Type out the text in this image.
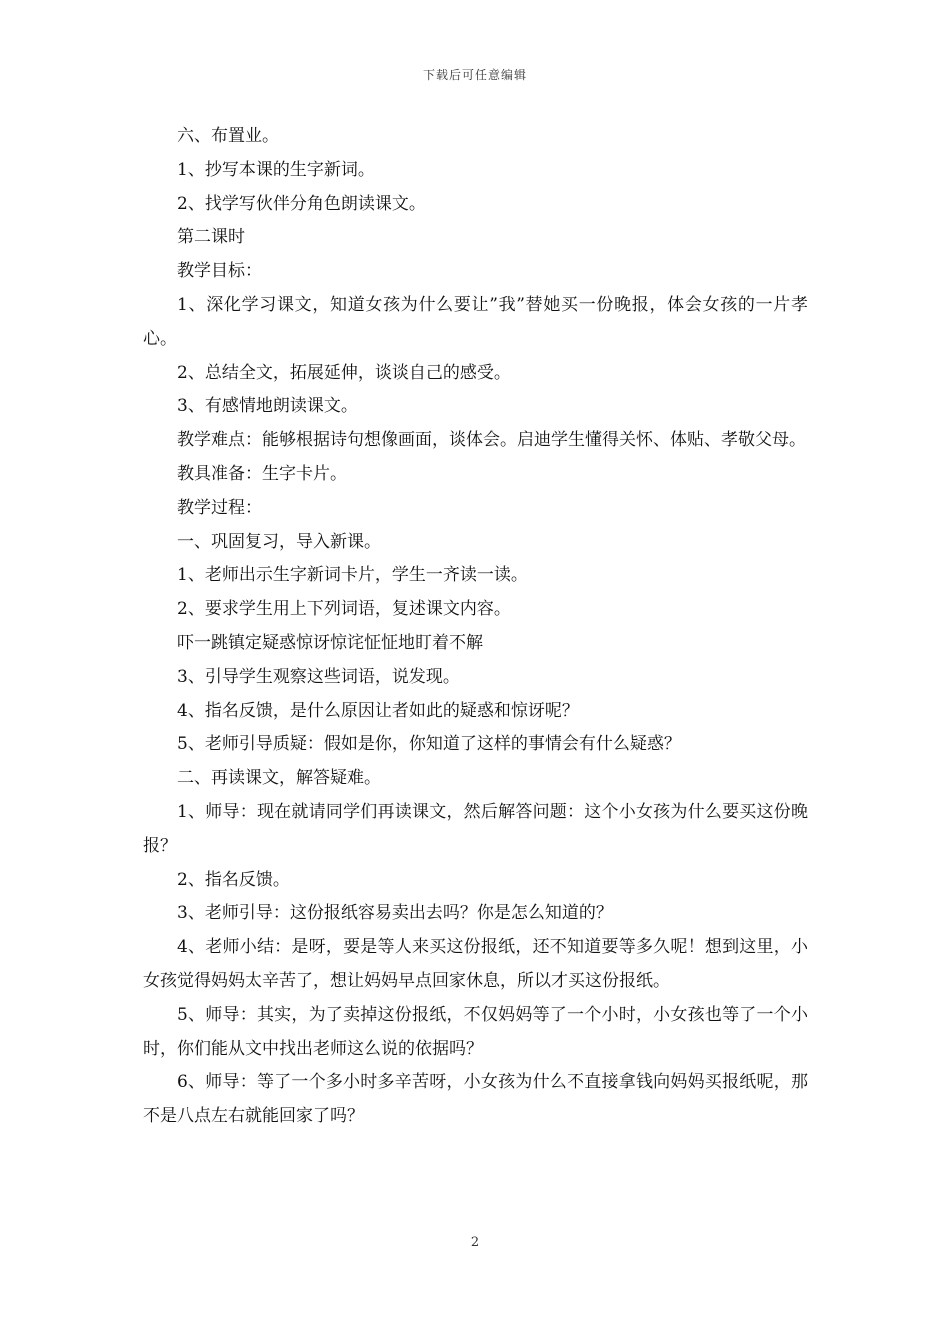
下载后可任意编辑

六、布置业。

1、抄写本课的生字新词。

2、找学写伙伴分角色朗读课文。

第二课时

教学目标：

1、深化学习课文，知道女孩为什么要让”我”替她买一份晚报，体会女孩的一片孝心。

2、总结全文，拓展延伸，谈谈自己的感受。

3、有感情地朗读课文。

教学难点：能够根据诗句想像画面，谈体会。启迪学生懂得关怀、体贴、孝敬父母。

教具准备：生字卡片。

教学过程：

一、巩固复习，导入新课。

1、老师出示生字新词卡片，学生一齐读一读。

2、要求学生用上下列词语，复述课文内容。

吓一跳镇定疑惑惊讶惊诧怔怔地盯着不解

3、引导学生观察这些词语，说发现。

4、指名反馈，是什么原因让者如此的疑惑和惊讶呢？

5、老师引导质疑：假如是你，你知道了这样的事情会有什么疑惑？

二、再读课文，解答疑难。

1、师导：现在就请同学们再读课文，然后解答问题：这个小女孩为什么要买这份晚报？

2、指名反馈。

3、老师引导：这份报纸容易卖出去吗？你是怎么知道的？

4、老师小结：是呀，要是等人来买这份报纸，还不知道要等多久呢！想到这里，小女孩觉得妈妈太辛苦了，想让妈妈早点回家休息，所以才买这份报纸。

5、师导：其实，为了卖掉这份报纸，不仅妈妈等了一个小时，小女孩也等了一个小时，你们能从文中找出老师这么说的依据吗？

6、师导：等了一个多小时多辛苦呀，小女孩为什么不直接拿钱向妈妈买报纸呢，那不是八点左右就能回家了吗？

2
